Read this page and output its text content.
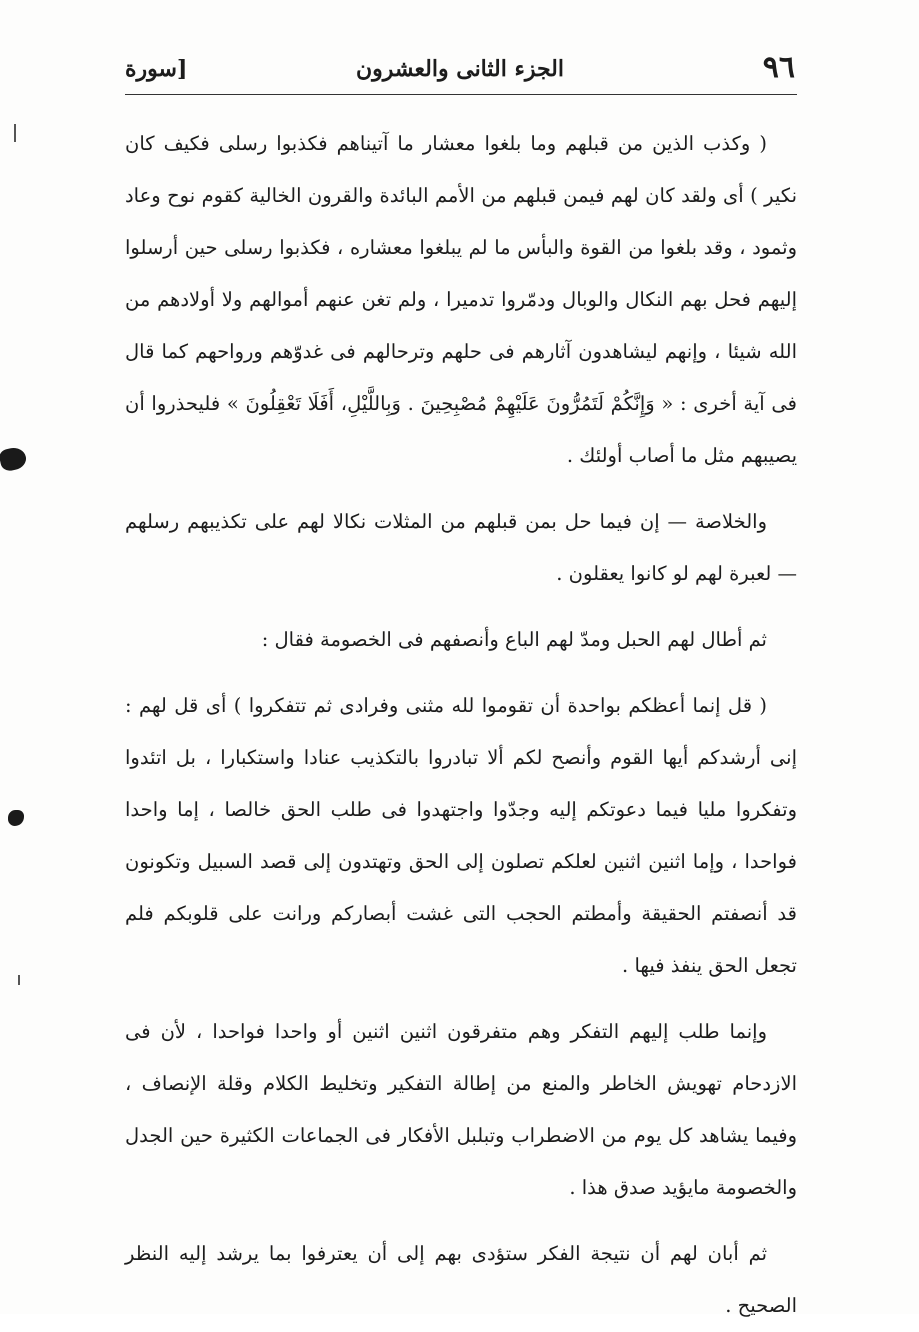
٩٦
الجزء الثانى والعشرون
[سورة

( وكذب الذين من قبلهم وما بلغوا معشار ما آتيناهم فكذبوا رسلى فكيف كان نكير ) أى ولقد كان لهم فيمن قبلهم من الأمم البائدة والقرون الخالية كقوم نوح وعاد وثمود ، وقد بلغوا من القوة والبأس ما لم يبلغوا معشاره ، فكذبوا رسلى حين أرسلوا إليهم فحل بهم النكال والوبال ودمّروا تدميرا ، ولم تغن عنهم أموالهم ولا أولادهم من الله شيئا ، وإنهم ليشاهدون آثارهم فى حلهم وترحالهم فى غدوّهم ورواحهم كما قال فى آية أخرى : « وَإِنَّكُمْ لَتَمُرُّونَ عَلَيْهِمْ مُصْبِحِينَ . وَبِاللَّيْلِ، أَفَلَا تَعْقِلُونَ » فليحذروا أن يصيبهم مثل ما أصاب أولئك .

والخلاصة — إن فيما حل بمن قبلهم من المثلات نكالا لهم على تكذيبهم رسلهم — لعبرة لهم لو كانوا يعقلون .

ثم أطال لهم الحبل ومدّ لهم الباع وأنصفهم فى الخصومة فقال :

( قل إنما أعظكم بواحدة أن تقوموا لله مثنى وفرادى ثم تتفكروا ) أى قل لهم : إنى أرشدكم أيها القوم وأنصح لكم ألا تبادروا بالتكذيب عنادا واستكبارا ، بل اتئدوا وتفكروا مليا فيما دعوتكم إليه وجدّوا واجتهدوا فى طلب الحق خالصا ، إما واحدا فواحدا ، وإما اثنين اثنين لعلكم تصلون إلى الحق وتهتدون إلى قصد السبيل وتكونون قد أنصفتم الحقيقة وأمطتم الحجب التى غشت أبصاركم ورانت على قلوبكم فلم تجعل الحق ينفذ فيها .

وإنما طلب إليهم التفكر وهم متفرقون اثنين اثنين أو واحدا فواحدا ، لأن فى الازدحام تهويش الخاطر والمنع من إطالة التفكير وتخليط الكلام وقلة الإنصاف ، وفيما يشاهد كل يوم من الاضطراب وتبلبل الأفكار فى الجماعات الكثيرة حين الجدل والخصومة مايؤيد صدق هذا .

ثم أبان لهم أن نتيجة الفكر ستؤدى بهم إلى أن يعترفوا بما يرشد إليه النظر الصحيح .
